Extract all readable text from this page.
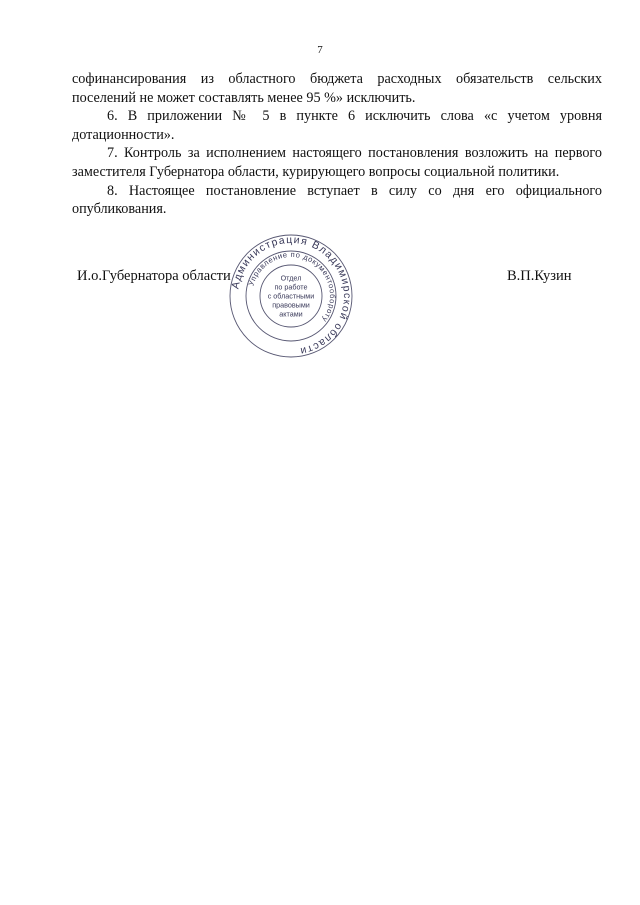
7

софинансирования из областного бюджета расходных обязательств сельских поселений не может составлять менее 95 %» исключить.

6. В приложении № 5 в пункте 6 исключить слова «с учетом уровня дотационности».

7. Контроль за исполнением настоящего постановления возложить на первого заместителя Губернатора области, курирующего вопросы социальной политики.

8. Настоящее постановление вступает в силу со дня его официального опубликования.

И.о.Губернатора области	В.П.Кузин
Администрация Владимирской области
Управление по документообороту
Отдел
по работе
с областными
правовыми
актами
